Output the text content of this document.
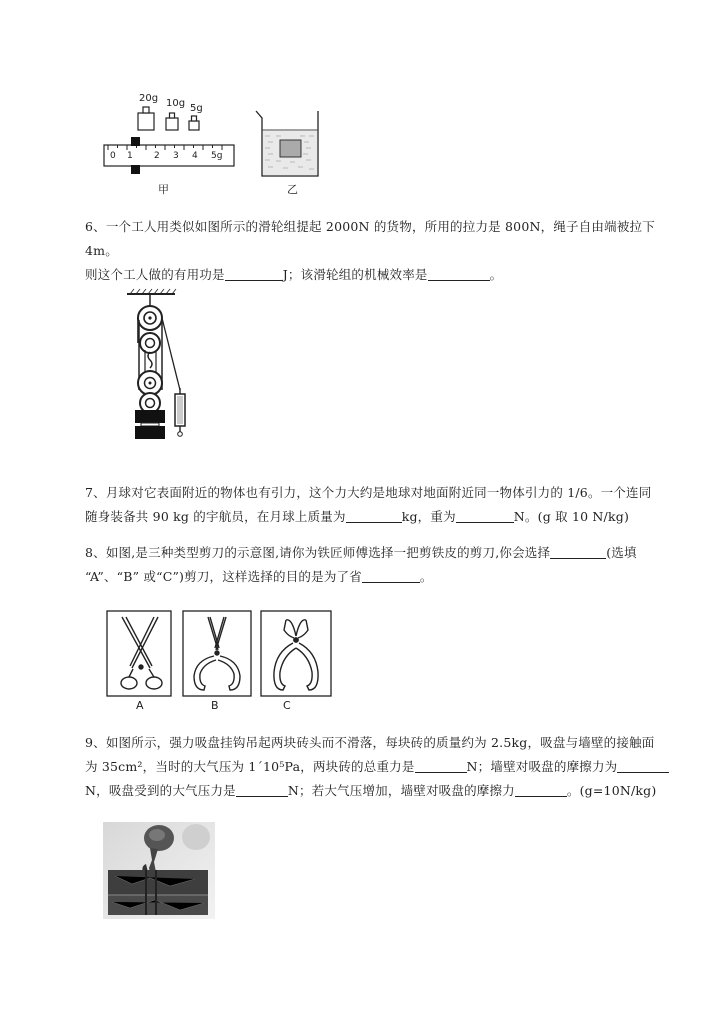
20g 10g 5g
0 1 2 3 4 5g
甲	乙
6、一个工人用类似如图所示的滑轮组提起 2000N 的货物，所用的拉力是 800N，绳子自由端被拉下 4m。
则这个工人做的有用功是	J；该滑轮组的机械效率是	。
7、月球对它表面附近的物体也有引力，这个力大约是地球对地面附近同一物体引力的 1/6。一个连同
随身装备共 90 kg 的宇航员，在月球上质量为	kg，重为	N。(g 取 10 N/kg)
8、如图,是三种类型剪刀的示意图,请你为铁匠师傅选择一把剪铁皮的剪刀,你会选择	(选填
“A”、“B” 或“C”)剪刀，这样选择的目的是为了省	。
A	B	C
9、如图所示，强力吸盘挂钩吊起两块砖头而不滑落，每块砖的质量约为 2.5kg，吸盘与墙壁的接触面
为 35cm²，当时的大气压为 1´10⁵Pa，两块砖的总重力是	N；墙壁对吸盘的摩擦力为
N，吸盘受到的大气压力是	N；若大气压增加，墙壁对吸盘的摩擦力	。(g=10N/kg)
